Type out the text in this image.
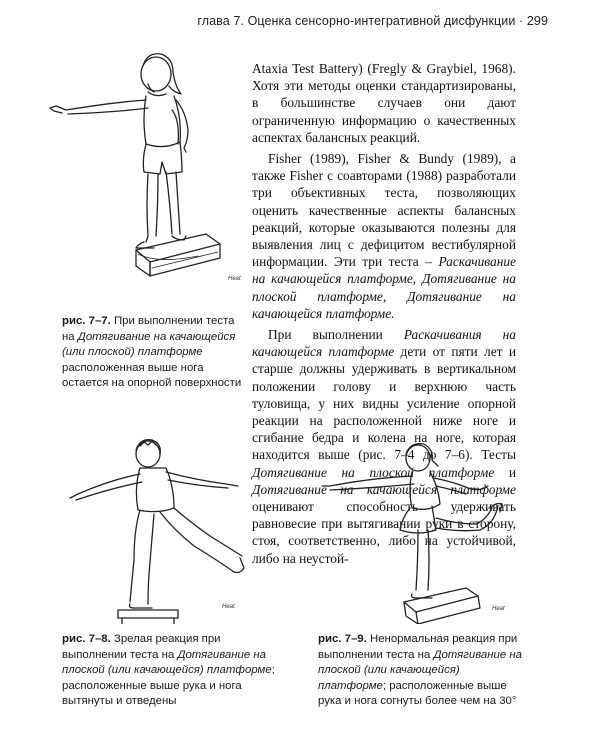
глава 7. Оценка сенсорно-интегративной дисфункции · 299
Heat
рис. 7–7. При выполнении теста на Дотягивание на качающейся (или плоской) платформе расположенная выше нога остается на опорной поверхности

Ataxia Test Battery) (Fregly & Graybiel, 1968). Хотя эти методы оценки стандартизированы, в большинстве случаев они дают ограниченную информацию о качественных аспектах балансных реакций.

Fisher (1989), Fisher & Bundy (1989), а также Fisher с соавторами (1988) разработали три объективных теста, позволяющих оценить качественные аспекты балансных реакций, которые оказываются полезны для выявления лиц с дефицитом вестибулярной информации. Эти три теста – Раскачивание на качающейся платформе, Дотягивание на плоской платформе, Дотягивание на качающейся платформе.

При выполнении Раскачивания на качающейся платформе дети от пяти лет и старше должны удерживать в вертикальном положении голову и верхнюю часть туловища, у них видны усиление опорной реакции на расположенной ниже ноге и сгибание бедра и колена на ноге, которая находится выше (рис. 7–4 до 7–6). Тесты Дотягивание на плоской платформе и Дотягивание на качающейся платформе оценивают способность удерживать равновесие при вытягивании руки в сторону, стоя, соответственно, либо на устойчивой, либо на неустой-

Heat
рис. 7–8. Зрелая реакция при выполнении теста на Дотягивание на плоской (или качающейся) платформе; расположенные выше рука и нога вытянуты и отведены
Heat
рис. 7–9. Ненормальная реакция при выполнении теста на Дотягивание на плоской (или качающейся) платформе; расположенные выше рука и нога согнуты более чем на 30°
